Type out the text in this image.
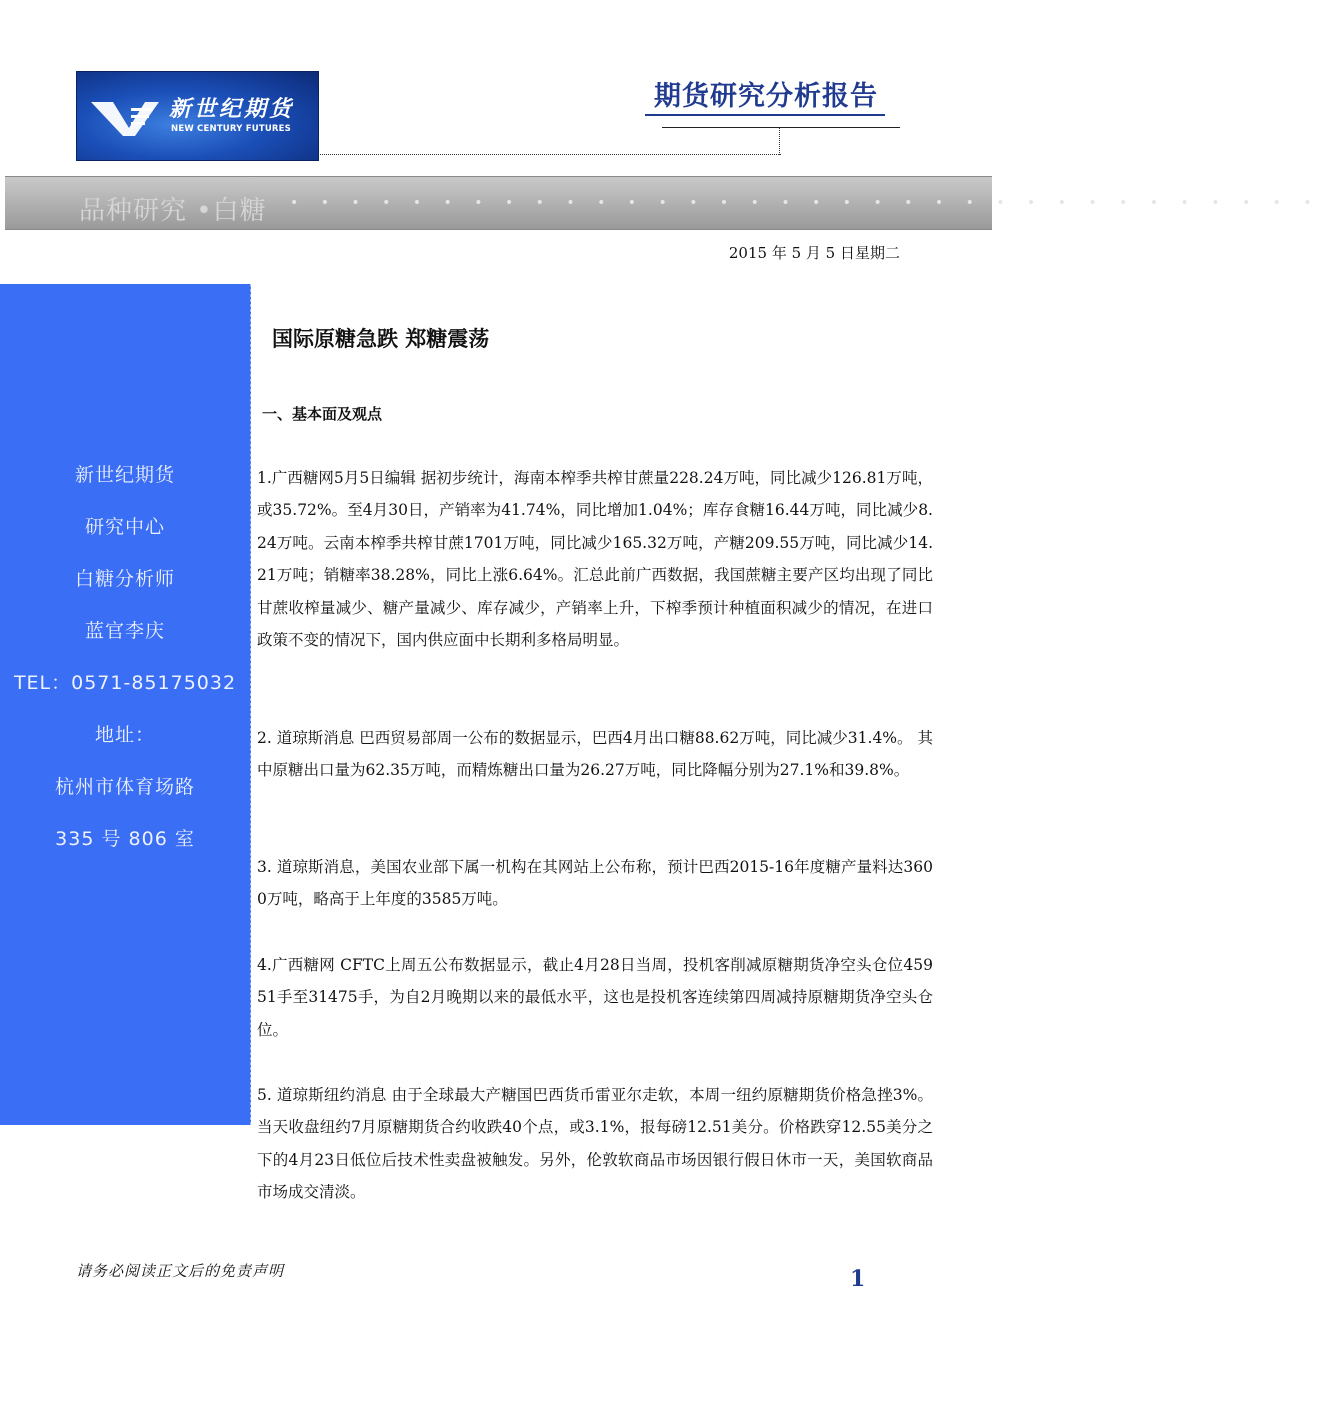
新世纪期货
NEW CENTURY FUTURES
期货研究分析报告
品种研究 •白糖 • • • • • • • • • • • • • • • • • • • • • • • • • • • • • • • • • •
2015 年 5 月 5 日星期二
新世纪期货
研究中心
白糖分析师
蓝官李庆
TEL：0571-85175032
地址：
杭州市体育场路
335 号 806 室
国际原糖急跌 郑糖震荡
一、基本面及观点
1.广西糖网5月5日编辑 据初步统计，海南本榨季共榨甘蔗量228.24万吨，同比减少126.81万吨，或35.72%。至4月30日，产销率为41.74%，同比增加1.04%；库存食糖16.44万吨，同比减少8.24万吨。云南本榨季共榨甘蔗1701万吨，同比减少165.32万吨，产糖209.55万吨，同比减少14.21万吨；销糖率38.28%，同比上涨6.64%。汇总此前广西数据，我国蔗糖主要产区均出现了同比甘蔗收榨量减少、糖产量减少、库存减少，产销率上升，下榨季预计种植面积减少的情况，在进口政策不变的情况下，国内供应面中长期利多格局明显。
2. 道琼斯消息 巴西贸易部周一公布的数据显示，巴西4月出口糖88.62万吨，同比减少31.4%。 其中原糖出口量为62.35万吨，而精炼糖出口量为26.27万吨，同比降幅分别为27.1%和39.8%。
3. 道琼斯消息，美国农业部下属一机构在其网站上公布称，预计巴西2015-16年度糖产量料达3600万吨，略高于上年度的3585万吨。
4.广西糖网 CFTC上周五公布数据显示，截止4月28日当周，投机客削减原糖期货净空头仓位45951手至31475手，为自2月晚期以来的最低水平，这也是投机客连续第四周减持原糖期货净空头仓位。
5. 道琼斯纽约消息 由于全球最大产糖国巴西货币雷亚尔走软，本周一纽约原糖期货价格急挫3%。当天收盘纽约7月原糖期货合约收跌40个点，或3.1%，报每磅12.51美分。价格跌穿12.55美分之下的4月23日低位后技术性卖盘被触发。另外，伦敦软商品市场因银行假日休市一天，美国软商品市场成交清淡。
请务必阅读正文后的免责声明	1
